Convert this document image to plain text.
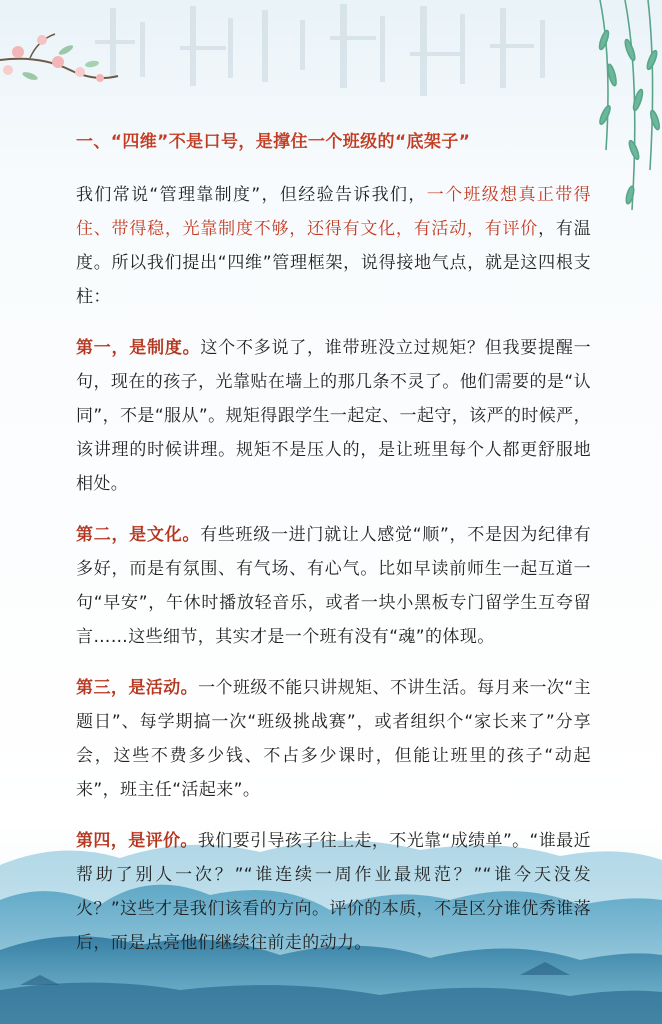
一、“四维”不是口号，是撑住一个班级的“底架子”

我们常说“管理靠制度”，但经验告诉我们，一个班级想真正带得住、带得稳，光靠制度不够，还得有文化，有活动，有评价，有温度。所以我们提出“四维”管理框架，说得接地气点，就是这四根支柱：

第一，是制度。这个不多说了，谁带班没立过规矩？但我要提醒一句，现在的孩子，光靠贴在墙上的那几条不灵了。他们需要的是“认同”，不是“服从”。规矩得跟学生一起定、一起守，该严的时候严，该讲理的时候讲理。规矩不是压人的，是让班里每个人都更舒服地相处。

第二，是文化。有些班级一进门就让人感觉“顺”，不是因为纪律有多好，而是有氛围、有气场、有心气。比如早读前师生一起互道一句“早安”，午休时播放轻音乐，或者一块小黑板专门留学生互夸留言……这些细节，其实才是一个班有没有“魂”的体现。

第三，是活动。一个班级不能只讲规矩、不讲生活。每月来一次“主题日”、每学期搞一次“班级挑战赛”，或者组织个“家长来了”分享会，这些不费多少钱、不占多少课时，但能让班里的孩子“动起来”，班主任“活起来”。

第四，是评价。我们要引导孩子往上走，不光靠“成绩单”。“谁最近帮助了别人一次？”“谁连续一周作业最规范？”“谁今天没发火？”这些才是我们该看的方向。评价的本质，不是区分谁优秀谁落后，而是点亮他们继续往前走的动力。
